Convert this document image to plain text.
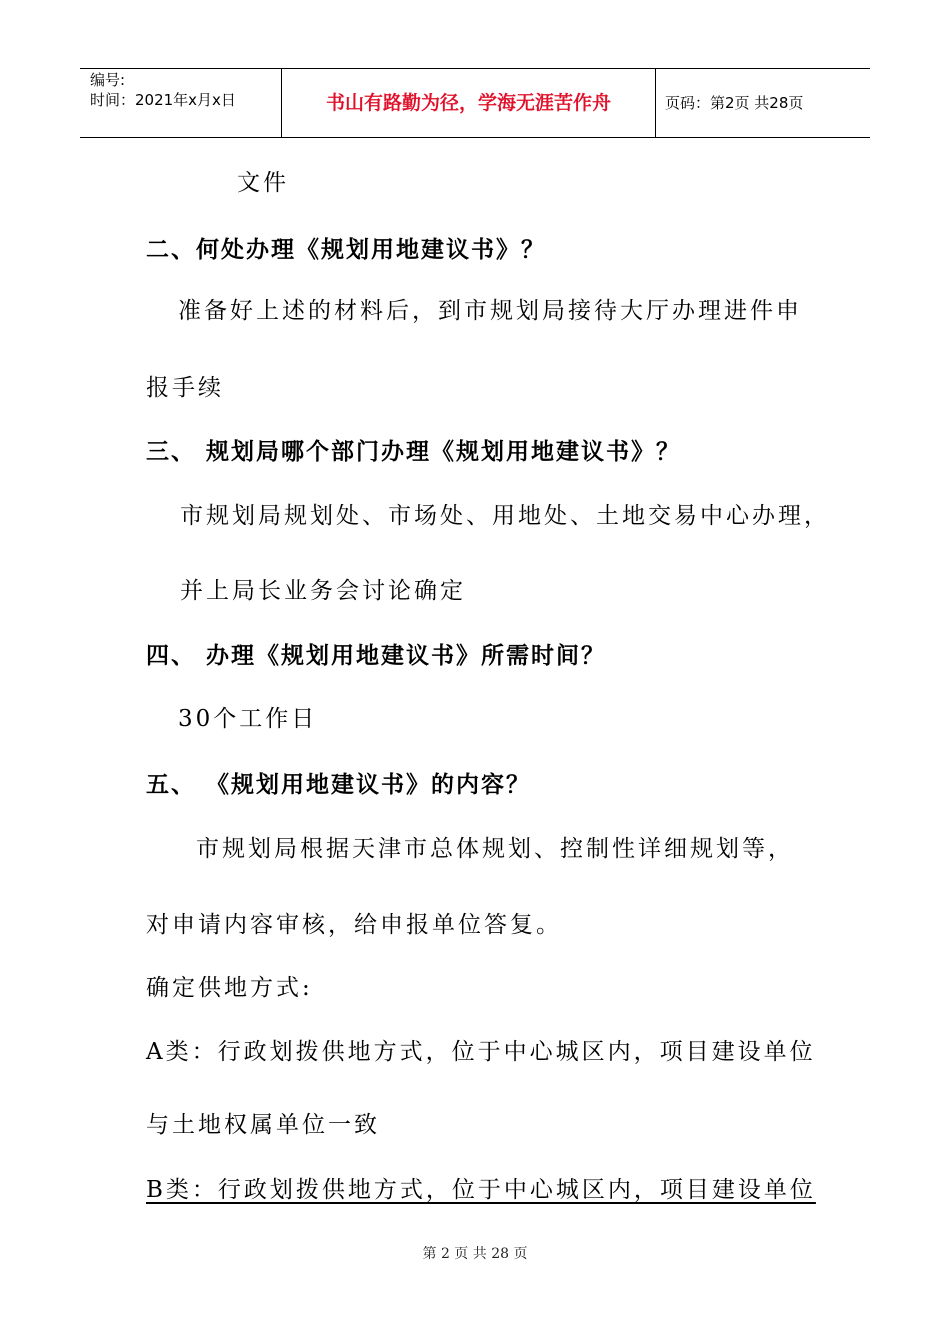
编号:
时间：2021年x月x日	书山有路勤为径，学海无涯苦作舟	页码：第2页 共28页
文件
二、何处办理《规划用地建议书》？
准备好上述的材料后，到市规划局接待大厅办理进件申
报手续
三、 规划局哪个部门办理《规划用地建议书》？
市规划局规划处、市场处、用地处、土地交易中心办理，
并上局长业务会讨论确定
四、 办理《规划用地建议书》所需时间？
30个工作日
五、 《规划用地建议书》的内容？
市规划局根据天津市总体规划、控制性详细规划等，
对申请内容审核，给申报单位答复。
确定供地方式:
A类：行政划拨供地方式，位于中心城区内，项目建设单位
与土地权属单位一致
B类：行政划拨供地方式，位于中心城区内，项目建设单位
第 2 页 共 28 页
